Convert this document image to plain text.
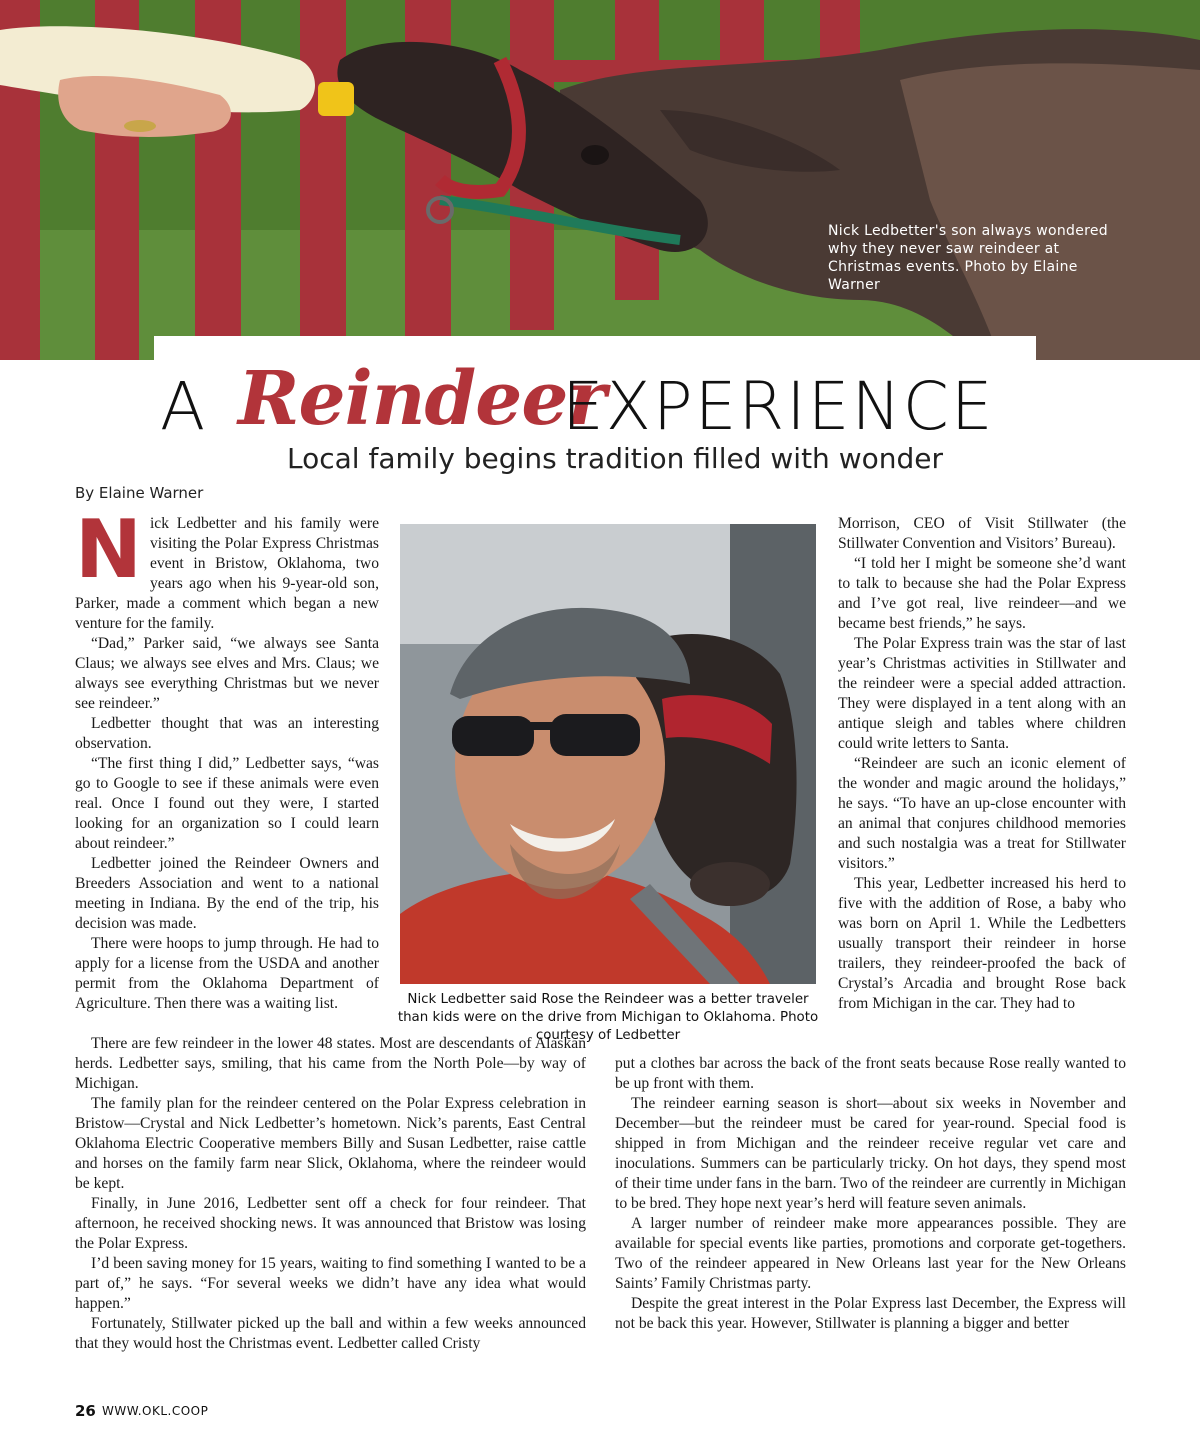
Nick Ledbetter's son always wondered why they never saw reindeer at Christmas events. Photo by Elaine Warner
A Reindeer
EXPERIENCE
Local family begins tradition filled with wonder
By Elaine Warner

Nick Ledbetter and his family were visiting the Polar Express Christmas event in Bristow, Oklahoma, two years ago when his 9-year-old son, Parker, made a comment which began a new venture for the family.

“Dad,” Parker said, “we always see Santa Claus; we always see elves and Mrs. Claus; we always see everything Christmas but we never see reindeer.”

Ledbetter thought that was an interesting observation.

“The first thing I did,” Ledbetter says, “was go to Google to see if these animals were even real. Once I found out they were, I started looking for an organization so I could learn about reindeer.”

Ledbetter joined the Reindeer Owners and Breeders Association and went to a national meeting in Indiana. By the end of the trip, his decision was made.

There were hoops to jump through. He had to apply for a license from the USDA and another permit from the Oklahoma Department of Agriculture. Then there was a waiting list.	Nick Ledbetter said Rose the Reindeer was a better traveler than kids were on the drive from Michigan to Oklahoma. Photo courtesy of Ledbetter

Morrison, CEO of Visit Stillwater (the Stillwater Convention and Visitors’ Bureau).

“I told her I might be someone she’d want to talk to because she had the Polar Express and I’ve got real, live reindeer—and we became best friends,” he says.

The Polar Express train was the star of last year’s Christmas activities in Stillwater and the reindeer were a special added attraction. They were displayed in a tent along with an antique sleigh and tables where children could write letters to Santa.

“Reindeer are such an iconic element of the wonder and magic around the holidays,” he says. “To have an up-close encounter with an animal that conjures childhood memories and such nostalgia was a treat for Stillwater visitors.”

This year, Ledbetter increased his herd to five with the addition of Rose, a baby who was born on April 1. While the Ledbetters usually transport their reindeer in horse trailers, they reindeer-proofed the back of Crystal’s Arcadia and brought Rose back from Michigan in the car. They had to

There are few reindeer in the lower 48 states. Most are descendants of Alaskan herds. Ledbetter says, smiling, that his came from the North Pole—by way of Michigan.

The family plan for the reindeer centered on the Polar Express celebration in Bristow—Crystal and Nick Ledbetter’s hometown. Nick’s parents, East Central Oklahoma Electric Cooperative members Billy and Susan Ledbetter, raise cattle and horses on the family farm near Slick, Oklahoma, where the reindeer would be kept.

Finally, in June 2016, Ledbetter sent off a check for four reindeer. That afternoon, he received shocking news. It was announced that Bristow was losing the Polar Express.

I’d been saving money for 15 years, waiting to find something I wanted to be a part of,” he says. “For several weeks we didn’t have any idea what would happen.”

Fortunately, Stillwater picked up the ball and within a few weeks announced that they would host the Christmas event. Ledbetter called Cristy

put a clothes bar across the back of the front seats because Rose really wanted to be up front with them.

The reindeer earning season is short—about six weeks in November and December—but the reindeer must be cared for year-round. Special food is shipped in from Michigan and the reindeer receive regular vet care and inoculations. Summers can be particularly tricky. On hot days, they spend most of their time under fans in the barn. Two of the reindeer are currently in Michigan to be bred. They hope next year’s herd will feature seven animals.

A larger number of reindeer make more appearances possible. They are available for special events like parties, promotions and corporate get-togethers. Two of the reindeer appeared in New Orleans last year for the New Orleans Saints’ Family Christmas party.

Despite the great interest in the Polar Express last December, the Express will not be back this year. However, Stillwater is planning a bigger and better

26 WWW.OKL.COOP
